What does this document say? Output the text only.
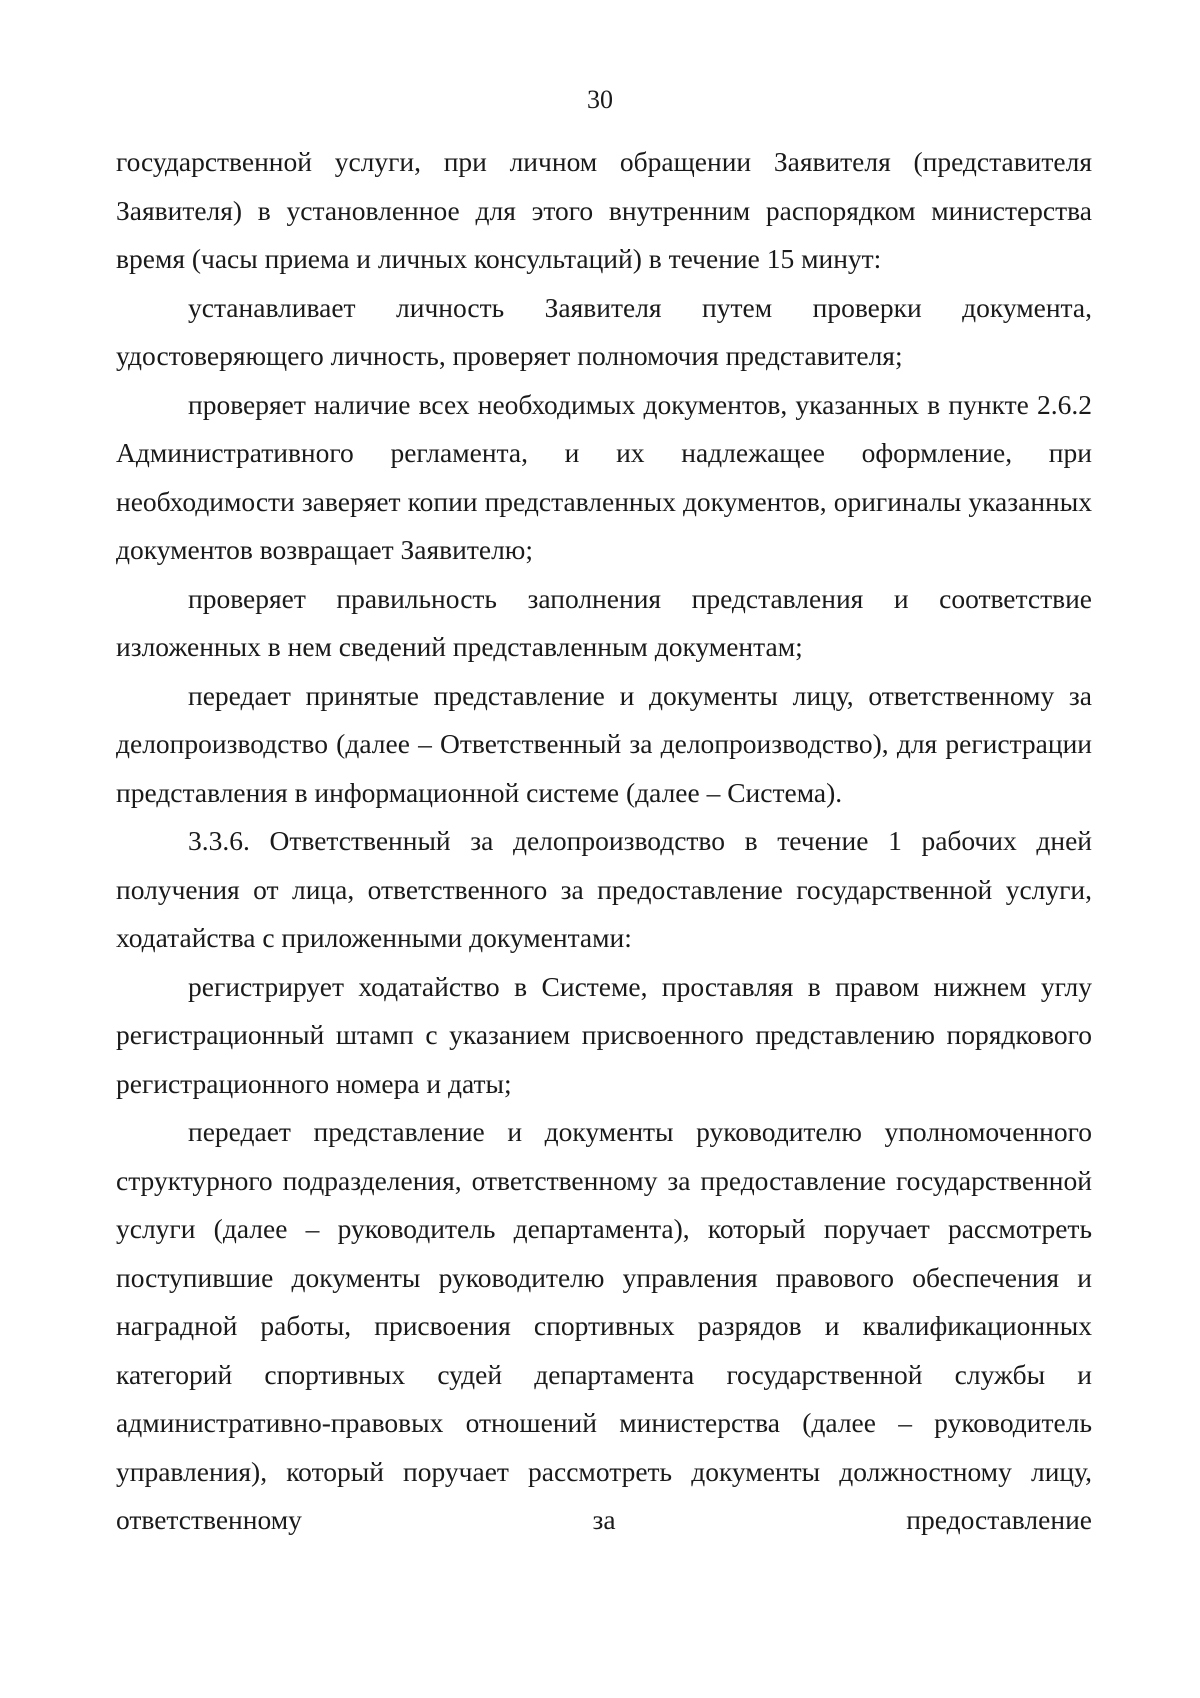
30

государственной услуги, при личном обращении Заявителя (представителя Заявителя) в установленное для этого внутренним распорядком министерства время (часы приема и личных консультаций) в течение 15 минут:

устанавливает личность Заявителя путем проверки документа, удостоверяющего личность, проверяет полномочия представителя;

проверяет наличие всех необходимых документов, указанных в пункте 2.6.2 Административного регламента, и их надлежащее оформление, при необходимости заверяет копии представленных документов, оригиналы указанных документов возвращает Заявителю;

проверяет правильность заполнения представления и соответствие изложенных в нем сведений представленным документам;

передает принятые представление и документы лицу, ответственному за делопроизводство (далее – Ответственный за делопроизводство), для регистрации представления в информационной системе (далее – Система).

3.3.6. Ответственный за делопроизводство в течение 1 рабочих дней получения от лица, ответственного за предоставление государственной услуги, ходатайства с приложенными документами:

регистрирует ходатайство в Системе, проставляя в правом нижнем углу регистрационный штамп с указанием присвоенного представлению порядкового регистрационного номера и даты;

передает представление и документы руководителю уполномоченного структурного подразделения, ответственному за предоставление государственной услуги (далее – руководитель департамента), который поручает рассмотреть поступившие документы руководителю управления правового обеспечения и наградной работы, присвоения спортивных разрядов и квалификационных категорий спортивных судей департамента государственной службы и административно-правовых отношений министерства (далее – руководитель управления), который поручает рассмотреть документы должностному лицу, ответственному за предоставление
